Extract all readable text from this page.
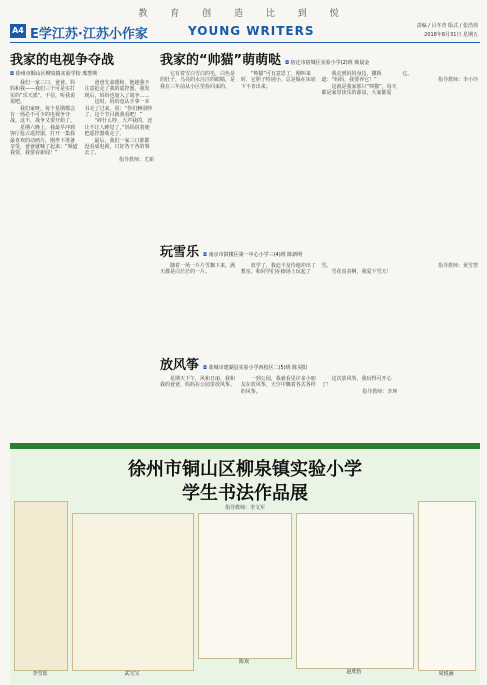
教 育 创 造 比 到 悦
A4 E学江苏·江苏小作家	YOUNG WRITERS	责编 / 吕冬青 版式 / 张浩伟
2018年8月31日 星期五
我家的电视争夺战
◘ 徐州市铜山区柳泉镇实验学校 邢慧瑛

我们一家三口，爸爸、妈妈和我——我们三个可是实打实的“乐天派”。不信，听我说说吧。

我们家呀，每个星期都会有一场必不可少的电视争夺战。这不，战争又要开始了。

星期六晚上，我最早冲到客厅抢占遥控器，打开一集我最喜欢的动画片，刚坐下准备享受，爸爸就喊了起来：“频道我要，我要看新闻！”

爸爸先来缓和，他趁我不注意抢走了我的遥控器。我发现后，妈妈也加入了战争……

这时，妈妈竟从手拿一本书走了过来，说：“你们俩别吵了，这个节目就我看吧！”

“砰什么吵，大声我的，还让不让人睡觉了，”妈妈说着便把遥控器收走了。

最后，我们一家三口谁都没看成电视，只好各干各的事去了。

指导教师：尤新

我家的“帅猫”萌萌哒 ◘ 宿迁市宿城区实验小学(2)班 韩晨金

它有着雪白雪白的毛，白色是的肚子，乌亮的水汪汪的眼睛，是我在三年前从小区里捡回来的。

“帅猫”可有意思了，刚叫来时，它胆子特别小，总是躲在床底下不肯出来。

我走到妈妈身边，撒娇道：“妈妈，我要养它！”

这就是我家那只“帅猫”，每天都是家里快乐的源泉，大家都爱它。

指导教师：李小玲

玩雪乐 ◘ 南京市鼓楼区第一中心小学三(4)班 陈新明

随着一场一片片雪飘下来，满天都是白茫茫的一片。

放学了，我迫不及待地冲出了教室，和同学们在操场上玩起了雪。

雪花真美啊，我爱下雪天！

指导教师：黄雪慧

放风筝 ◘ 盐城市建湖县实验小学西校区二(5)班 陈昊阳

星期天下午，风和日丽，我和我的爸爸、妈妈在公园里放风筝。

一到公园，我就看见许多小朋友在放风筝，天空中飘着各式各样的风筝。

这次放风筝，我玩得可开心了！

指导教师：李坤

徐州市铜山区柳泉镇实验小学
学生书法作品展
指导教师：李文军
李雪瑶	武宝宝
陈欢
赵欣怡	周悦涵
